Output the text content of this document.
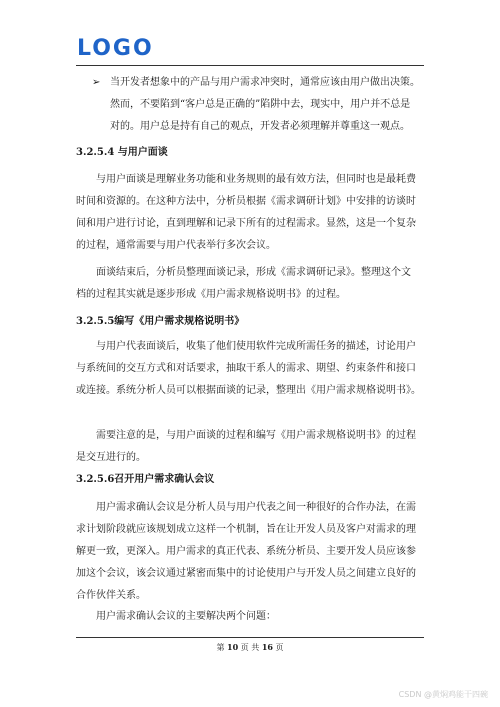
LOGO
➢ 当开发者想象中的产品与用户需求冲突时，通常应该由用户做出决策。
然而，不要陷到“客户总是正确的”陷阱中去，现实中，用户并不总是
对的。用户总是持有自己的观点，开发者必须理解并尊重这一观点。
3.2.5.4 与用户面谈
与用户面谈是理解业务功能和业务规则的最有效方法，但同时也是最耗费
时间和资源的。在这种方法中，分析员根据《需求调研计划》中安排的访谈时
间和用户进行讨论，直到理解和记录下所有的过程需求。显然，这是一个复杂
的过程，通常需要与用户代表举行多次会议。
面谈结束后，分析员整理面谈记录，形成《需求调研记录》。整理这个文
档的过程其实就是逐步形成《用户需求规格说明书》的过程。
3.2.5.5编写《用户需求规格说明书》
与用户代表面谈后，收集了他们使用软件完成所需任务的描述，讨论用户
与系统间的交互方式和对话要求，抽取干系人的需求、期望、约束条件和接口
或连接。系统分析人员可以根据面谈的记录，整理出《用户需求规格说明书》。
需要注意的是，与用户面谈的过程和编写《用户需求规格说明书》的过程
是交互进行的。
3.2.5.6召开用户需求确认会议
用户需求确认会议是分析人员与用户代表之间一种很好的合作办法，在需
求计划阶段就应该规划成立这样一个机制，旨在让开发人员及客户对需求的理
解更一致，更深入。用户需求的真正代表、系统分析员、主要开发人员应该参
加这个会议，该会议通过紧密而集中的讨论使用户与开发人员之间建立良好的
合作伙伴关系。
用户需求确认会议的主要解决两个问题：
第 10 页 共 16 页
CSDN @黄焖鸡能干四碗
